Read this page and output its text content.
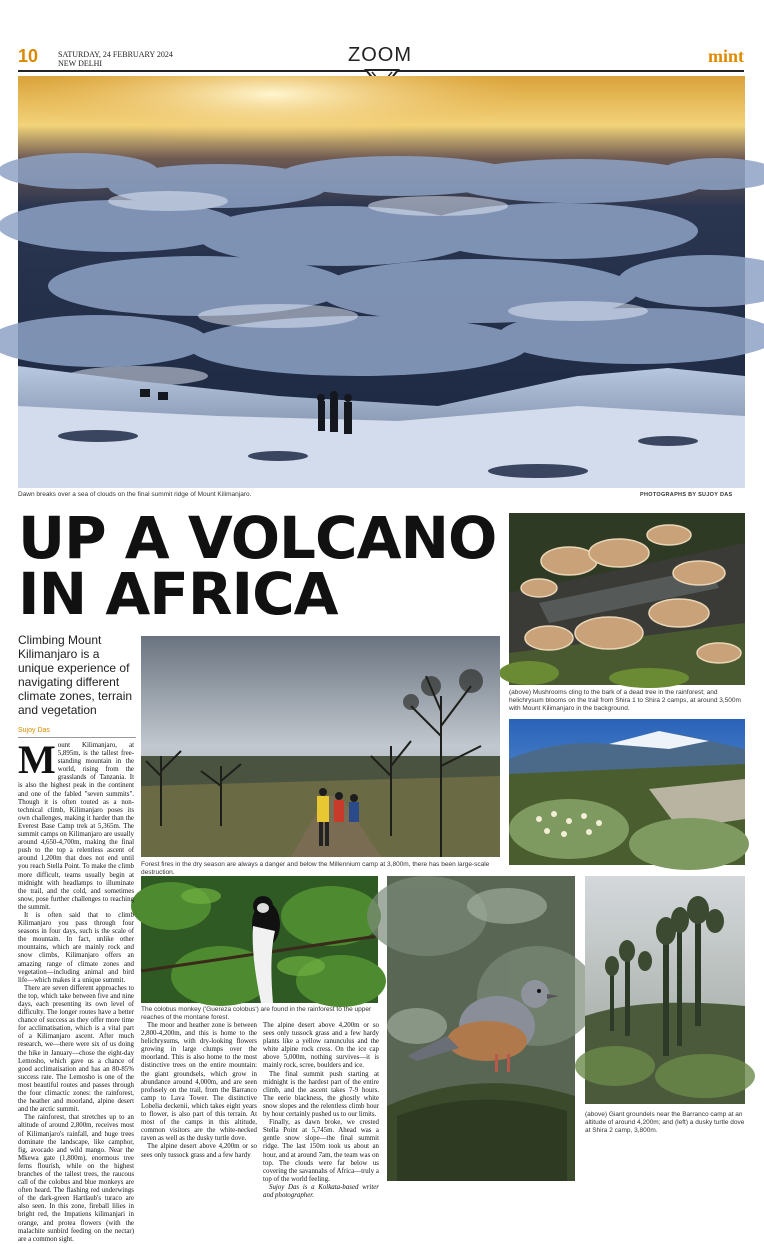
10 SATURDAY, 24 FEBRUARY 2024
NEW DELHI	ZOOM	mint
Dawn breaks over a sea of clouds on the final summit ridge of Mount Kilimanjaro.	PHOTOGRAPHS BY SUJOY DAS
UP A VOLCANO
IN AFRICA
Climbing Mount Kilimanjaro is a unique experience of navigating different climate zones, terrain and vegetation
Sujoy Das
(above) Mushrooms cling to the bark of a dead tree in the rainforest; and helichrysum blooms on the trail from Shira 1 to Shira 2 camps, at around 3,500m with Mount Kilimanjaro in the background.
Forest fires in the dry season are always a danger and below the Millennium camp at 3,800m, there has been large-scale destruction.
The colobus monkey ('Guereza colobus') are found in the rainforest to the upper reaches of the montane forest.
(above) Giant groundels near the Barranco camp at an altitude of around 4,200m; and (left) a dusky turtle dove at Shira 2 camp, 3,800m.

Mount Kilimanjaro, at 5,895m, is the tallest free-standing mountain in the world, rising from the grasslands of Tanzania. It is also the highest peak in the continent and one of the fabled "seven summits". Though it is often touted as a non-technical climb, Kilimanjaro poses its own challenges, making it harder than the Everest Base Camp trek at 5,365m. The summit camps on Kilimanjaro are usually around 4,650-4,700m, making the final push to the top a relentless ascent of around 1,200m that does not end until you reach Stella Point. To make the climb more difficult, teams usually begin at midnight with headlamps to illuminate the trail, and the cold, and sometimes snow, pose further challenges to reaching the summit.

It is often said that to climb Kilimanjaro you pass through four seasons in four days, such is the scale of the mountain. In fact, unlike other mountains, which are mainly rock and snow climbs, Kilimanjaro offers an amazing range of climate zones and vegetation—including animal and bird life—which makes it a unique summit.

There are seven different approaches to the top, which take between five and nine days, each presenting its own level of difficulty. The longer routes have a better chance of success as they offer more time for acclimatisation, which is a vital part of a Kilimanjaro ascent. After much research, we—there were six of us doing the hike in January—chose the eight-day Lemosho, which gave us a chance of good acclimatisation and has an 80-85% success rate. The Lemosho is one of the most beautiful routes and passes through the four climactic zones: the rainforest, the heather and moorland, alpine desert and the arctic summit.

The rainforest, that stretches up to an altitude of around 2,800m, receives most of Kilimanjaro's rainfall, and huge trees dominate the landscape, like camphor, fig, avocado and wild mango. Near the Mkewa gate (1,800m), enormous tree ferns flourish, while on the highest branches of the tallest trees, the raucous call of the colobus and blue monkeys are often heard. The flashing red underwings of the dark-green Hartlaub's turaco are also seen. In this zone, fireball lilies in bright red, the Impatiens kilimanjari in orange, and protea flowers (with the malachite sunbird feeding on the nectar) are a common sight.

The moor and heather zone is between 2,800-4,200m, and this is home to the helichrysums, with dry-looking flowers growing in large clumps over the moorland. This is also home to the most distinctive trees on the entire mountain: the giant groundsels, which grow in abundance around 4,000m, and are seen profusely on the trail, from the Barranco camp to Lava Tower. The distinctive Lobelia deckenii, which takes eight years to flower, is also part of this terrain. At most of the camps in this altitude, common visitors are the white-necked raven as well as the dusky turtle dove.

The alpine desert above 4,200m or so sees only tussock grass and a few hardy

The alpine desert above 4,200m or so sees only tussock grass and a few hardy plants like a yellow ranunculus and the white alpine rock cress. On the ice cap above 5,000m, nothing survives—it is mainly rock, scree, boulders and ice.

The final summit push starting at midnight is the hardest part of the entire climb, and the ascent takes 7-9 hours. The eerie blackness, the ghostly white snow slopes and the relentless climb hour by hour certainly pushed us to our limits.

Finally, as dawn broke, we crested Stella Point at 5,745m. Ahead was a gentle snow slope—the final summit ridge. The last 150m took us about an hour, and at around 7am, the team was on top. The clouds were far below us covering the savannahs of Africa—truly a top of the world feeling.

Sujoy Das is a Kolkata-based writer and photographer.
